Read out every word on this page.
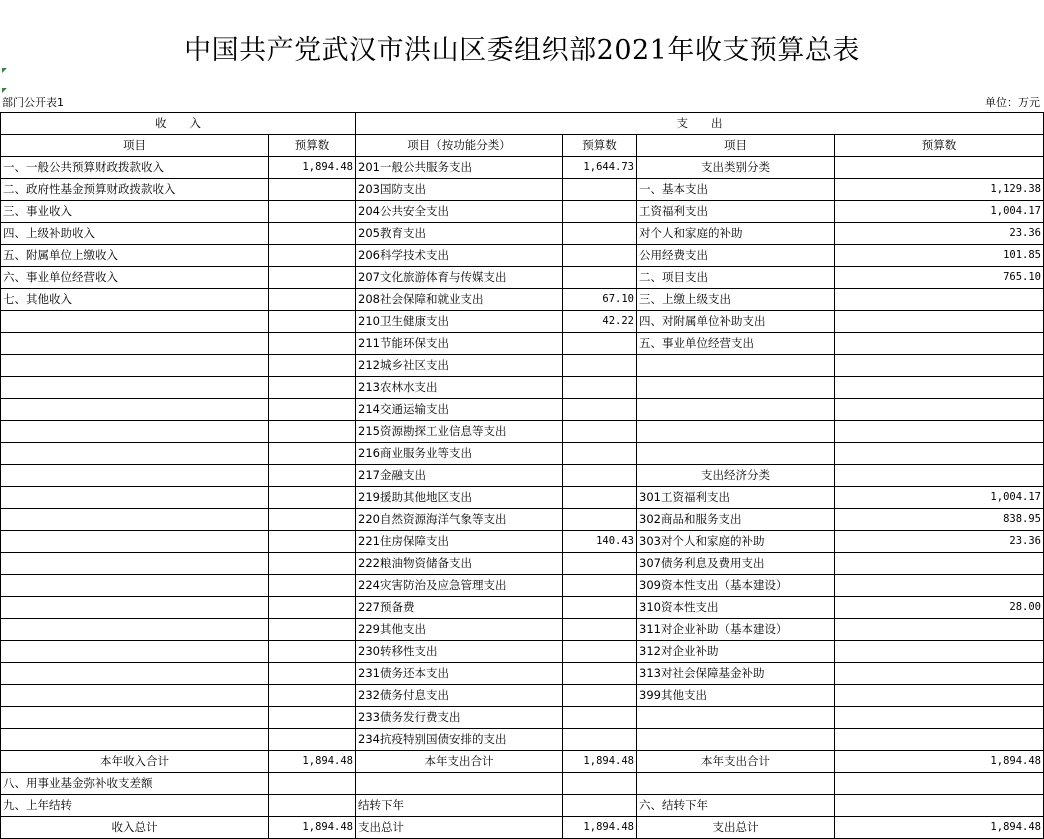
中国共产党武汉市洪山区委组织部2021年收支预算总表
部门公开表1	单位：万元
收　　入		支　　出			
项目	预算数	项目（按功能分类）	预算数	项目	预算数
一、一般公共预算财政拨款收入	1,894.48	201一般公共服务支出	1,644.73	支出类别分类	
二、政府性基金预算财政拨款收入		203国防支出		一、基本支出	1,129.38
三、事业收入		204公共安全支出		工资福利支出	1,004.17
四、上级补助收入		205教育支出		对个人和家庭的补助	23.36
五、附属单位上缴收入		206科学技术支出		公用经费支出	101.85
六、事业单位经营收入		207文化旅游体育与传媒支出		二、项目支出	765.10
七、其他收入		208社会保障和就业支出	67.10	三、上缴上级支出	
		210卫生健康支出	42.22	四、对附属单位补助支出	
		211节能环保支出		五、事业单位经营支出	
		212城乡社区支出			
		213农林水支出			
		214交通运输支出			
		215资源勘探工业信息等支出			
		216商业服务业等支出			
		217金融支出		支出经济分类	
		219援助其他地区支出		301工资福利支出	1,004.17
		220自然资源海洋气象等支出		302商品和服务支出	838.95
		221住房保障支出	140.43	303对个人和家庭的补助	23.36
		222粮油物资储备支出		307债务利息及费用支出	
		224灾害防治及应急管理支出		309资本性支出（基本建设）	
		227预备费		310资本性支出	28.00
		229其他支出		311对企业补助（基本建设）	
		230转移性支出		312对企业补助	
		231债务还本支出		313对社会保障基金补助	
		232债务付息支出		399其他支出	
		233债务发行费支出			
		234抗疫特别国债安排的支出			
本年收入合计	1,894.48	本年支出合计	1,894.48	本年支出合计	1,894.48
八、用事业基金弥补收支差额					
九、上年结转		结转下年		六、结转下年	
收入总计	1,894.48	支出总计	1,894.48	支出总计	1,894.48
